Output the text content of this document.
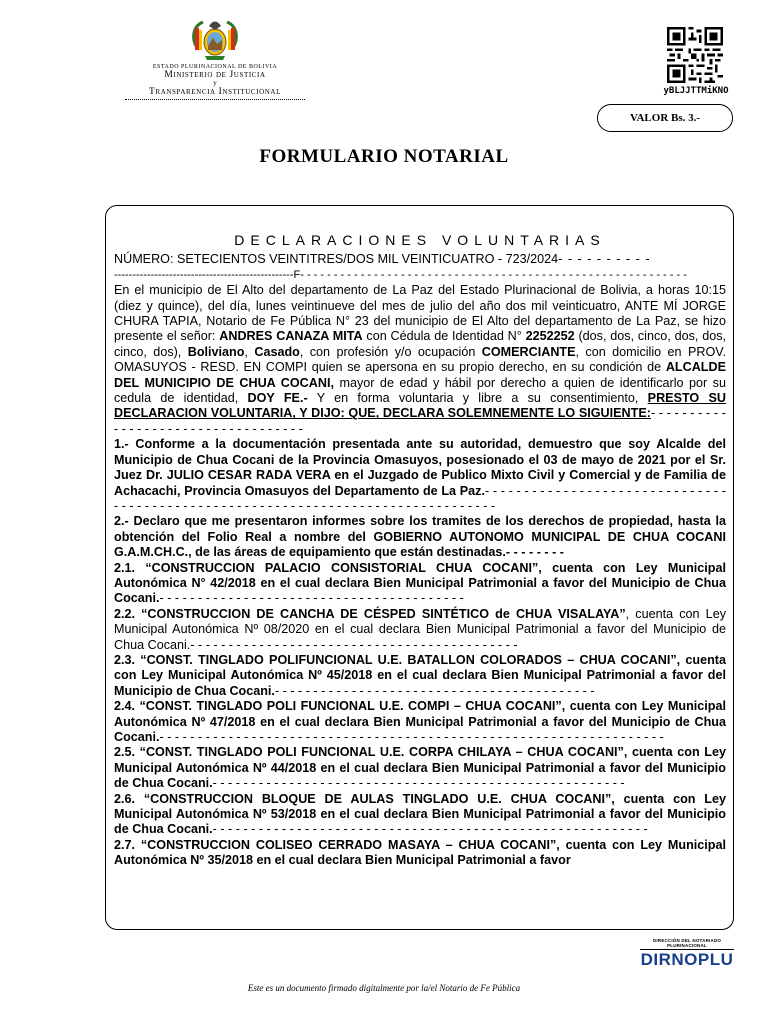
ESTADO PLURINACIONAL DE BOLIVIA
Ministerio de Justicia
y
Transparencia Institucional	yBLJJTTMiKNO
VALOR Bs. 3.-
FORMULARIO NOTARIAL

DECLARACIONES VOLUNTARIAS

NÚMERO: SETECIENTOS VEINTITRES/DOS MIL VEINTICUATRO - 723/2024- - - - - - - - - -

-------------------------------------------------F- - - - - - - - - - - - - - - - - - - - - - - - - - - - - - - - - - - - - - - - - - - - - - - - - - - - - - - - - -

En el municipio de El Alto del departamento de La Paz del Estado Plurinacional de Bolivia, a horas 10:15 (diez y quince), del día, lunes veintinueve del mes de julio del año dos mil veinticuatro, ANTE MÍ JORGE CHURA TAPIA, Notario de Fe Pública N° 23 del municipio de El Alto del departamento de La Paz, se hizo presente el señor: ANDRES CANAZA MITA con Cédula de Identidad N° 2252252 (dos, dos, cinco, dos, dos, cinco, dos), Boliviano, Casado, con profesión y/o ocupación COMERCIANTE, con domicilio en PROV. OMASUYOS - RESD. EN COMPI quien se apersona en su propio derecho, en su condición de ALCALDE DEL MUNICIPIO DE CHUA COCANI, mayor de edad y hábil por derecho a quien de identificarlo por su cedula de identidad, DOY FE.- Y en forma voluntaria y libre a su consentimiento, PRESTO SU DECLARACION VOLUNTARIA, Y DIJO: QUE, DECLARA SOLEMNEMENTE LO SIGUIENTE:- - - - - - - - - - - - - - - - - - - - - - - - - - - - - - - - - - -

1.- Conforme a la documentación presentada ante su autoridad, demuestro que soy Alcalde del Municipio de Chua Cocani de la Provincia Omasuyos, posesionado el 03 de mayo de 2021 por el Sr. Juez Dr. JULIO CESAR RADA VERA en el Juzgado de Publico Mixto Civil y Comercial y de Familia de Achacachi, Provincia Omasuyos del Departamento de La Paz.- - - - - - - - - - - - - - - - - - - - - - - - - - - - - - - - - - - - - - - - - - - - - - - - - - - - - - - - - - - - - - - - - - - - - - - - - - - - - - - - -

2.- Declaro que me presentaron informes sobre los tramites de los derechos de propiedad, hasta la obtención del Folio Real a nombre del GOBIERNO AUTONOMO MUNICIPAL DE CHUA COCANI G.A.M.CH.C., de las áreas de equipamiento que están destinadas.- - - - - - - -

2.1. “CONSTRUCCION PALACIO CONSISTORIAL CHUA COCANI”, cuenta con Ley Municipal Autonómica N° 42/2018 en el cual declara Bien Municipal Patrimonial a favor del Municipio de Chua Cocani.- - - - - - - - - - - - - - - - - - - - - - - - - - - - - - - - - - - - - - - -

2.2. “CONSTRUCCION DE CANCHA DE CÉSPED SINTÉTICO de CHUA VISALAYA”, cuenta con Ley Municipal Autonómica Nº 08/2020 en el cual declara Bien Municipal Patrimonial a favor del Municipio de Chua Cocani.- - - - - - - - - - - - - - - - - - - - - - - - - - - - - - - - - - - - - - - - - - -

2.3. “CONST. TINGLADO POLIFUNCIONAL U.E. BATALLON COLORADOS – CHUA COCANI”, cuenta con Ley Municipal Autonómica Nº 45/2018 en el cual declara Bien Municipal Patrimonial a favor del Municipio de Chua Cocani.- - - - - - - - - - - - - - - - - - - - - - - - - - - - - - - - - - - - - - - - - -

2.4. “CONST. TINGLADO POLI FUNCIONAL U.E. COMPI – CHUA COCANI”, cuenta con Ley Municipal Autonómica Nº 47/2018 en el cual declara Bien Municipal Patrimonial a favor del Municipio de Chua Cocani.- - - - - - - - - - - - - - - - - - - - - - - - - - - - - - - - - - - - - - - - - - - - - - - - - - - - - - - - - - - - - - - - - -

2.5. “CONST. TINGLADO POLI FUNCIONAL U.E. CORPA CHILAYA – CHUA COCANI”, cuenta con Ley Municipal Autonómica Nº 44/2018 en el cual declara Bien Municipal Patrimonial a favor del Municipio de Chua Cocani.- - - - - - - - - - - - - - - - - - - - - - - - - - - - - - - - - - - - - - - - - - - - - - - - - - - - - -

2.6. “CONSTRUCCION BLOQUE DE AULAS TINGLADO U.E. CHUA COCANI”, cuenta con Ley Municipal Autonómica Nº 53/2018 en el cual declara Bien Municipal Patrimonial a favor del Municipio de Chua Cocani.- - - - - - - - - - - - - - - - - - - - - - - - - - - - - - - - - - - - - - - - - - - - - - - - - - - - - - - - -

2.7. “CONSTRUCCION COLISEO CERRADO MASAYA – CHUA COCANI”, cuenta con Ley Municipal Autonómica Nº 35/2018 en el cual declara Bien Municipal Patrimonial a favor

DIRECCIÓN DEL NOTARIADO PLURINACIONAL
DIRNOPLU
Este es un documento firmado digitalmente por la/el Notario de Fe Pública
